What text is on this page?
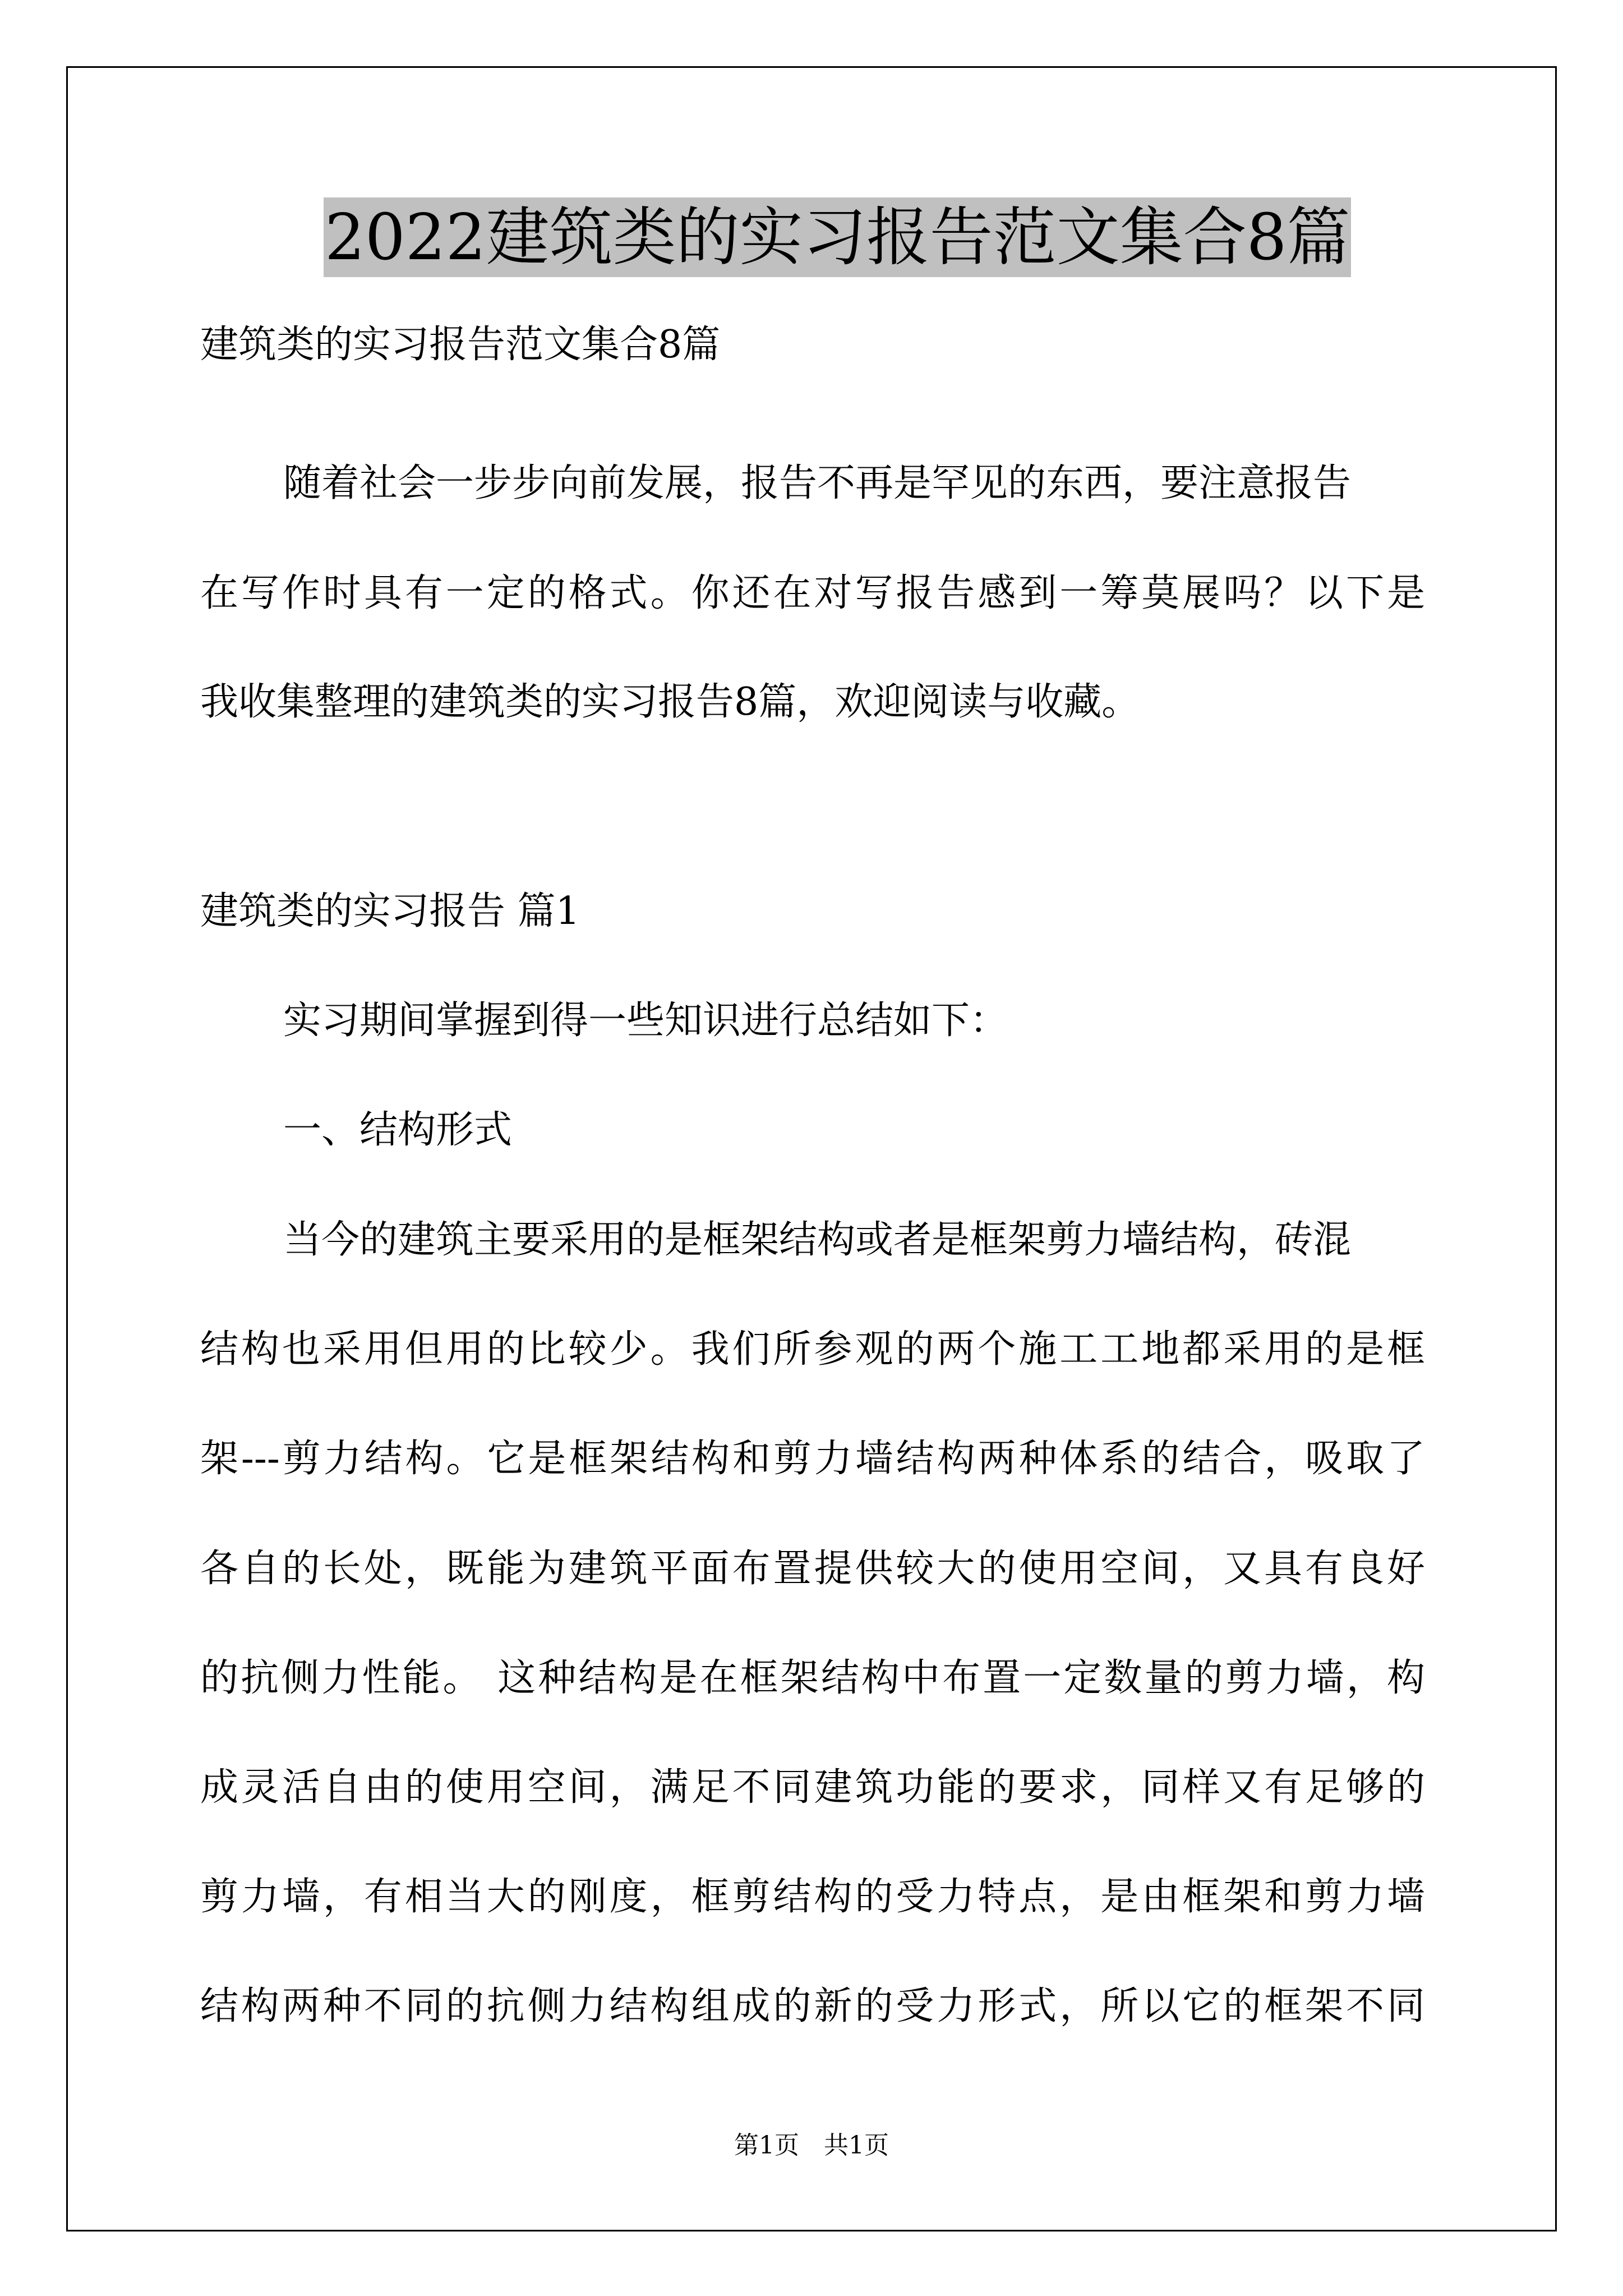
2022建筑类的实习报告范文集合8篇
建筑类的实习报告范文集合8篇
随着社会一步步向前发展，报告不再是罕见的东西，要注意报告
在写作时具有一定的格式。你还在对写报告感到一筹莫展吗？以下是
我收集整理的建筑类的实习报告8篇，欢迎阅读与收藏。
建筑类的实习报告 篇1
实习期间掌握到得一些知识进行总结如下：
一、结构形式
当今的建筑主要采用的是框架结构或者是框架剪力墙结构，砖混
结构也采用但用的比较少。我们所参观的两个施工工地都采用的是框
架---剪力结构。它是框架结构和剪力墙结构两种体系的结合，吸取了
各自的长处，既能为建筑平面布置提供较大的使用空间，又具有良好
的抗侧力性能。 这种结构是在框架结构中布置一定数量的剪力墙，构
成灵活自由的使用空间，满足不同建筑功能的要求，同样又有足够的
剪力墙，有相当大的刚度，框剪结构的受力特点，是由框架和剪力墙
结构两种不同的抗侧力结构组成的新的受力形式，所以它的框架不同
第1页　共1页
